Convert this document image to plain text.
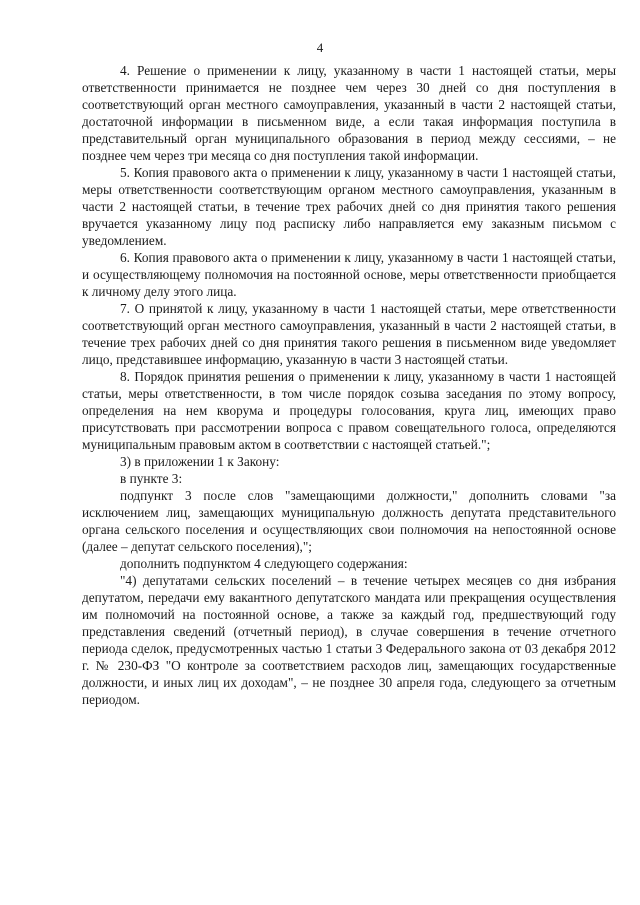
4

4. Решение о применении к лицу, указанному в части 1 настоящей статьи, меры ответственности принимается не позднее чем через 30 дней со дня поступления в соответствующий орган местного самоуправления, указанный в части 2 настоящей статьи, достаточной информации в письменном виде, а если такая информация поступила в представительный орган муниципального образования в период между сессиями, – не позднее чем через три месяца со дня поступления такой информации.

5. Копия правового акта о применении к лицу, указанному в части 1 настоящей статьи, меры ответственности соответствующим органом местного самоуправления, указанным в части 2 настоящей статьи, в течение трех рабочих дней со дня принятия такого решения вручается указанному лицу под расписку либо направляется ему заказным письмом с уведомлением.

6. Копия правового акта о применении к лицу, указанному в части 1 настоящей статьи, и осуществляющему полномочия на постоянной основе, меры ответственности приобщается к личному делу этого лица.

7. О принятой к лицу, указанному в части 1 настоящей статьи, мере ответственности соответствующий орган местного самоуправления, указанный в части 2 настоящей статьи, в течение трех рабочих дней со дня принятия такого решения в письменном виде уведомляет лицо, представившее информацию, указанную в части 3 настоящей статьи.

8. Порядок принятия решения о применении к лицу, указанному в части 1 настоящей статьи, меры ответственности, в том числе порядок созыва заседания по этому вопросу, определения на нем кворума и процедуры голосования, круга лиц, имеющих право присутствовать при рассмотрении вопроса с правом совещательного голоса, определяются муниципальным правовым актом в соответствии с настоящей статьей.";

3) в приложении 1 к Закону:

в пункте 3:

подпункт 3 после слов "замещающими должности," дополнить словами "за исключением лиц, замещающих муниципальную должность депутата представительного органа сельского поселения и осуществляющих свои полномочия на непостоянной основе (далее – депутат сельского поселения),";

дополнить подпунктом 4 следующего содержания:

"4) депутатами сельских поселений – в течение четырех месяцев со дня избрания депутатом, передачи ему вакантного депутатского мандата или прекращения осуществления им полномочий на постоянной основе, а также за каждый год, предшествующий году представления сведений (отчетный период), в случае совершения в течение отчетного периода сделок, предусмотренных частью 1 статьи 3 Федерального закона от 03 декабря 2012 г. № 230-ФЗ "О контроле за соответствием расходов лиц, замещающих государственные должности, и иных лиц их доходам", – не позднее 30 апреля года, следующего за отчетным периодом.
